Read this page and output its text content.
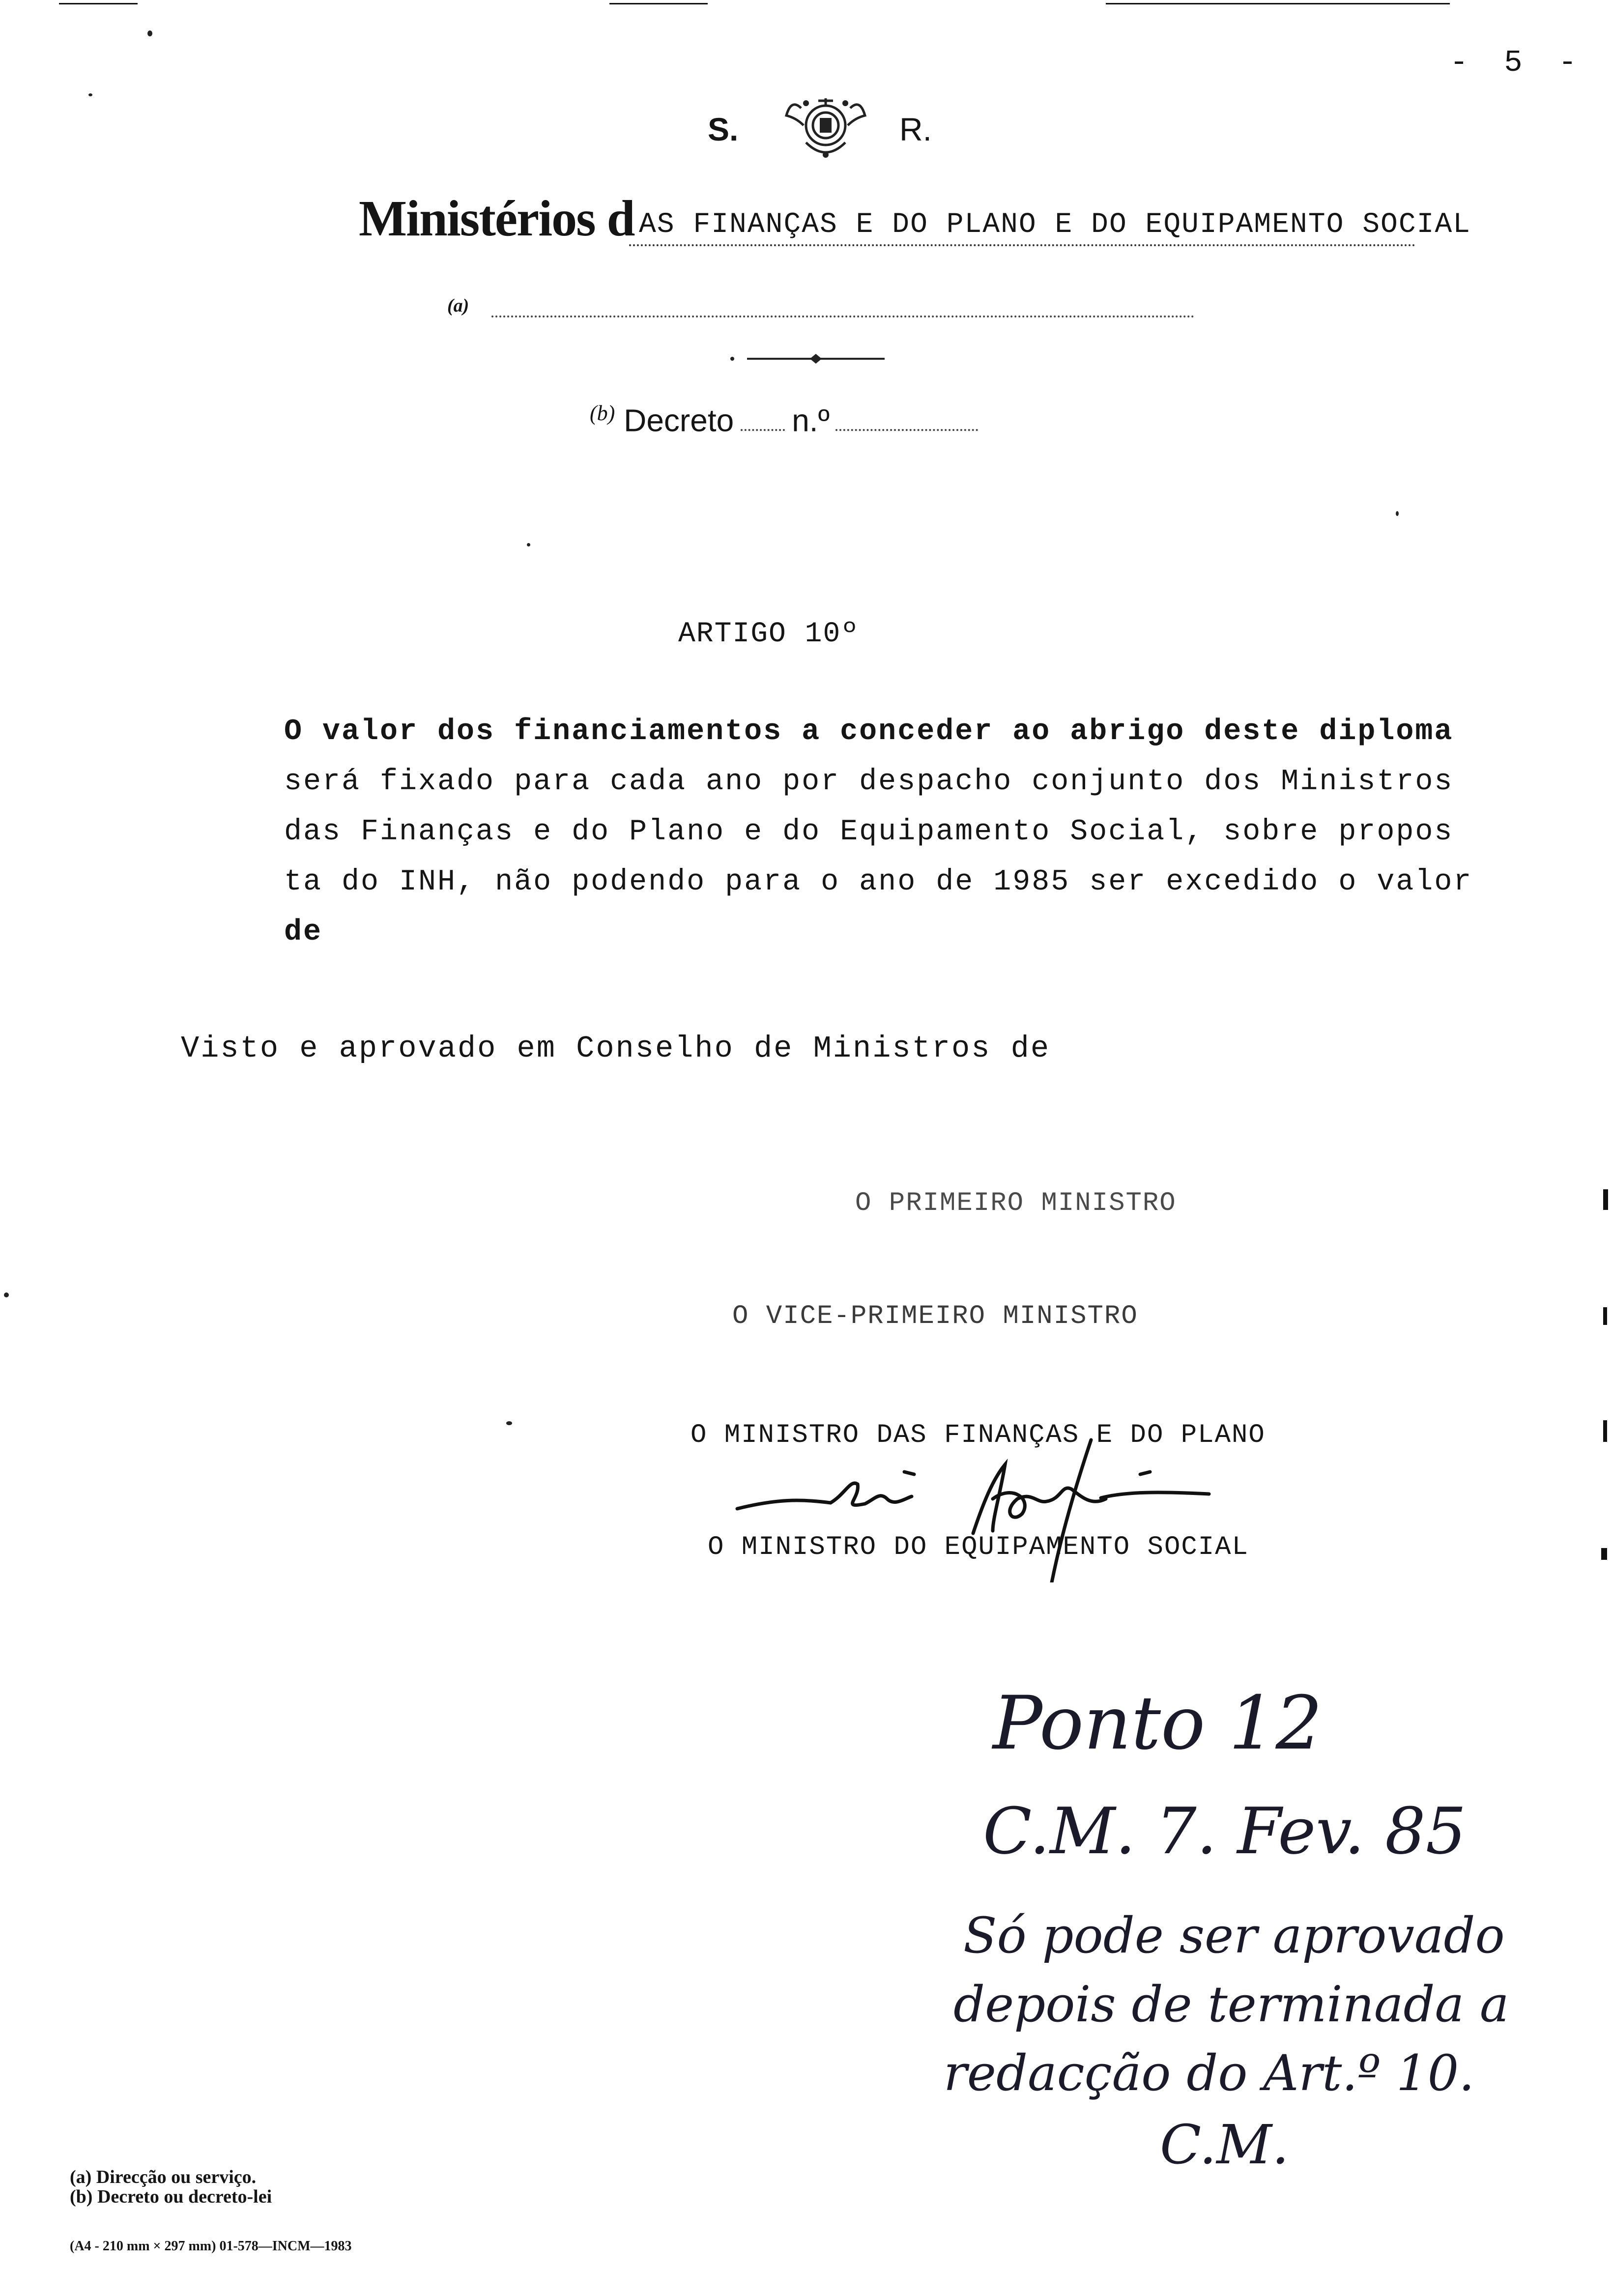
- 5 -
S.	R.
Ministérios d AS FINANÇAS E DO PLANO E DO EQUIPAMENTO SOCIAL
(a)
$^{(b)}$ Decreto n.º
ARTIGO 10º
O valor dos financiamentos a conceder ao abrigo deste diploma
será fixado para cada ano por despacho conjunto dos Ministros
das Finanças e do Plano e do Equipamento Social, sobre propos
ta do INH, não podendo para o ano de 1985 ser excedido o valor
de
Visto e aprovado em Conselho de Ministros de
O PRIMEIRO MINISTRO
O VICE-PRIMEIRO MINISTRO
O MINISTRO DAS FINANÇAS E DO PLANO
O MINISTRO DO EQUIPAMENTO SOCIAL
Ponto 12
C.M. 7. Fev. 85
Só pode ser aprovado
depois de terminada a
redacção do Art.º 10.
C.M.
(a) Direcção ou serviço.
(b) Decreto ou decreto-lei
(A4 - 210 mm × 297 mm) 01-578—INCM—1983
